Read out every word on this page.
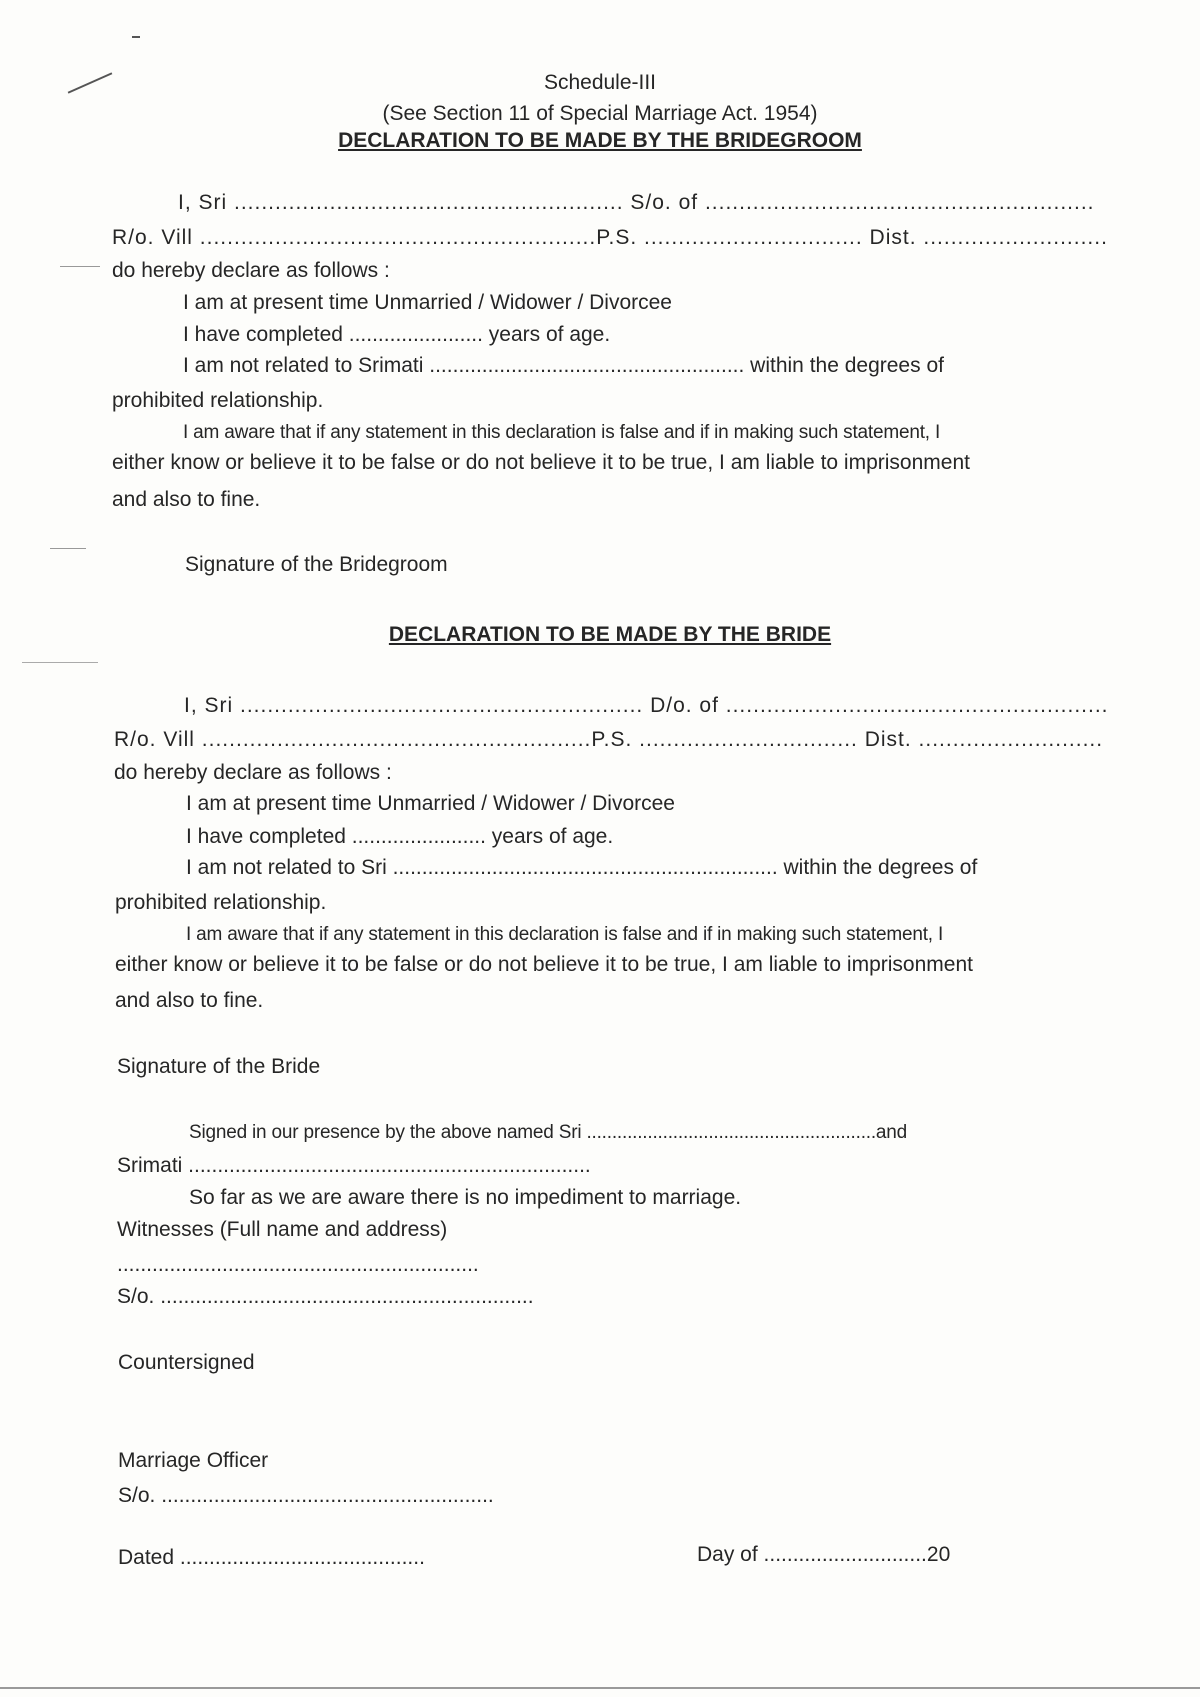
Schedule-III
(See Section 11 of Special Marriage Act. 1954)
DECLARATION TO BE MADE BY THE BRIDEGROOM
I, Sri ......................................................... S/o. of .........................................................
R/o. Vill ..........................................................P.S. ................................ Dist. ...........................
do hereby declare as follows :
I am at present time Unmarried / Widower / Divorcee
I have completed ....................... years of age.
I am not related to Srimati ...................................................... within the degrees of
prohibited relationship.
I am aware that if any statement in this declaration is false and if in making such statement, I
either know or believe it to be false or do not believe it to be true, I am liable to imprisonment
and also to fine.
Signature of the Bridegroom
DECLARATION TO BE MADE BY THE BRIDE
I, Sri ........................................................... D/o. of ........................................................
R/o. Vill .........................................................P.S. ................................ Dist. ...........................
do hereby declare as follows :
I am at present time Unmarried / Widower / Divorcee
I have completed ....................... years of age.
I am not related to Sri .................................................................. within the degrees of
prohibited relationship.
I am aware that if any statement in this declaration is false and if in making such statement, I
either know or believe it to be false or do not believe it to be true, I am liable to imprisonment
and also to fine.
Signature of the Bride
Signed in our presence by the above named Sri .........................................................and
Srimati .....................................................................
So far as we are aware there is no impediment to marriage.
Witnesses (Full name and address)
..............................................................
S/o. ................................................................
Countersigned
Marriage Officer
S/o. .........................................................
Dated ..........................................	Day of ............................20
